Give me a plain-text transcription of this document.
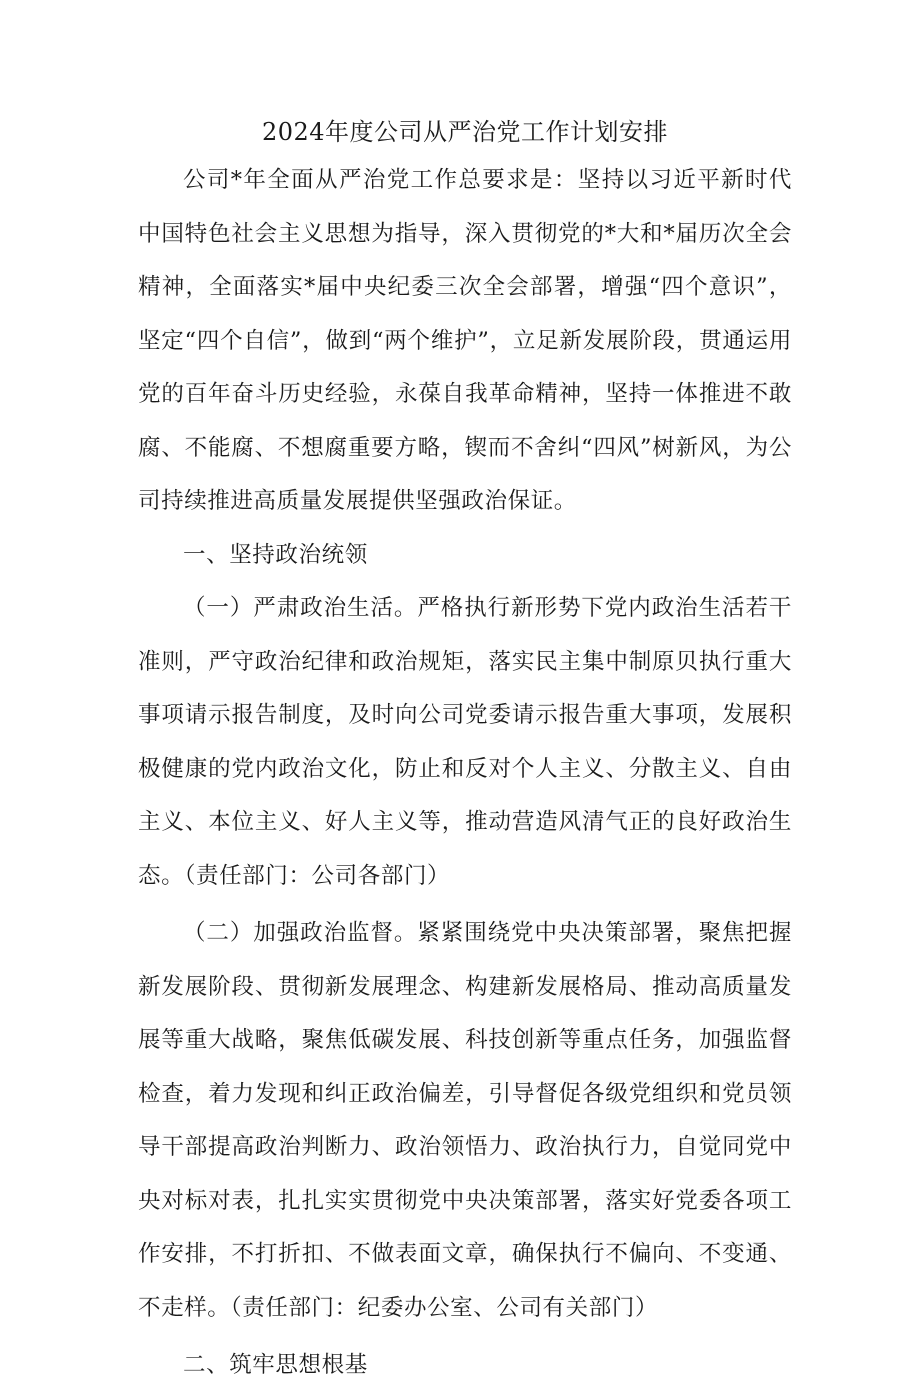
2024年度公司从严治党工作计划安排

公司*年全面从严治党工作总要求是：坚持以习近平新时代中国特色社会主义思想为指导，深入贯彻党的*大和*届历次全会精神，全面落实*届中央纪委三次全会部署，增强“四个意识”，坚定“四个自信”，做到“两个维护”，立足新发展阶段，贯通运用党的百年奋斗历史经验，永葆自我革命精神，坚持一体推进不敢腐、不能腐、不想腐重要方略，锲而不舍纠“四风”树新风，为公司持续推进高质量发展提供坚强政治保证。

一、坚持政治统领

（一）严肃政治生活。严格执行新形势下党内政治生活若干准则，严守政治纪律和政治规矩，落实民主集中制原贝执行重大事项请示报告制度，及时向公司党委请示报告重大事项，发展积极健康的党内政治文化，防止和反对个人主义、分散主义、自由主义、本位主义、好人主义等，推动营造风清气正的良好政治生态。（责任部门：公司各部门）

（二）加强政治监督。紧紧围绕党中央决策部署，聚焦把握新发展阶段、贯彻新发展理念、构建新发展格局、推动高质量发展等重大战略，聚焦低碳发展、科技创新等重点任务，加强监督检查，着力发现和纠正政治偏差，引导督促各级党组织和党员领导干部提高政治判断力、政治领悟力、政治执行力，自觉同党中央对标对表，扎扎实实贯彻党中央决策部署，落实好党委各项工作安排，不打折扣、不做表面文章，确保执行不偏向、不变通、不走样。（责任部门：纪委办公室、公司有关部门）

二、筑牢思想根基
